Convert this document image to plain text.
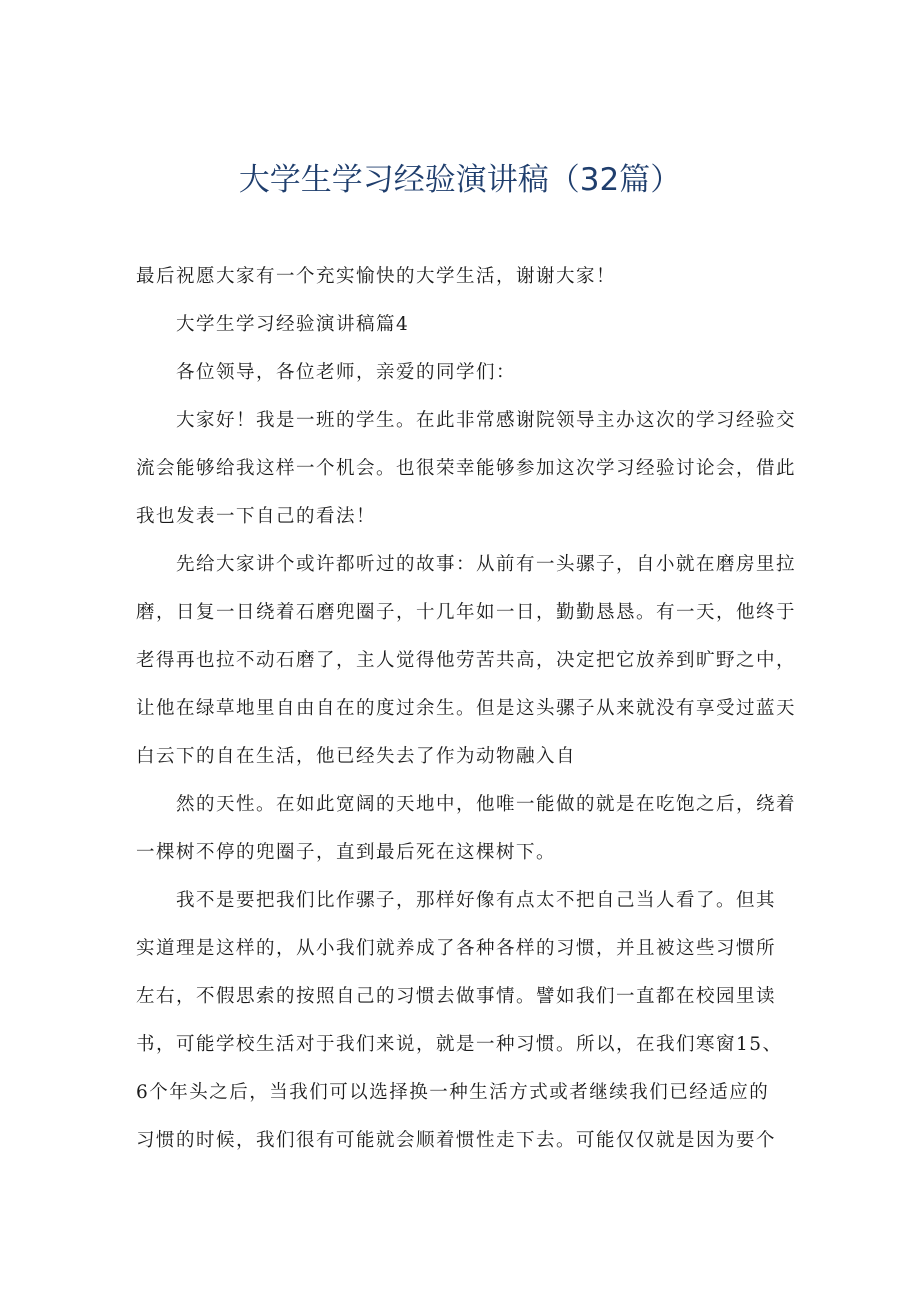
大学生学习经验演讲稿（32篇）
最后祝愿大家有一个充实愉快的大学生活，谢谢大家！
大学生学习经验演讲稿篇4
各位领导，各位老师，亲爱的同学们：
大家好！我是一班的学生。在此非常感谢院领导主办这次的学习经验交
流会能够给我这样一个机会。也很荣幸能够参加这次学习经验讨论会，借此
我也发表一下自己的看法！
先给大家讲个或许都听过的故事：从前有一头骡子，自小就在磨房里拉
磨，日复一日绕着石磨兜圈子，十几年如一日，勤勤恳恳。有一天，他终于
老得再也拉不动石磨了，主人觉得他劳苦共高，决定把它放养到旷野之中，
让他在绿草地里自由自在的度过余生。但是这头骡子从来就没有享受过蓝天
白云下的自在生活，他已经失去了作为动物融入自
然的天性。在如此宽阔的天地中，他唯一能做的就是在吃饱之后，绕着
一棵树不停的兜圈子，直到最后死在这棵树下。
我不是要把我们比作骡子，那样好像有点太不把自己当人看了。但其
实道理是这样的，从小我们就养成了各种各样的习惯，并且被这些习惯所
左右，不假思索的按照自己的习惯去做事情。譬如我们一直都在校园里读
书，可能学校生活对于我们来说，就是一种习惯。所以，在我们寒窗15、
6个年头之后，当我们可以选择换一种生活方式或者继续我们已经适应的
习惯的时候，我们很有可能就会顺着惯性走下去。可能仅仅就是因为要个
